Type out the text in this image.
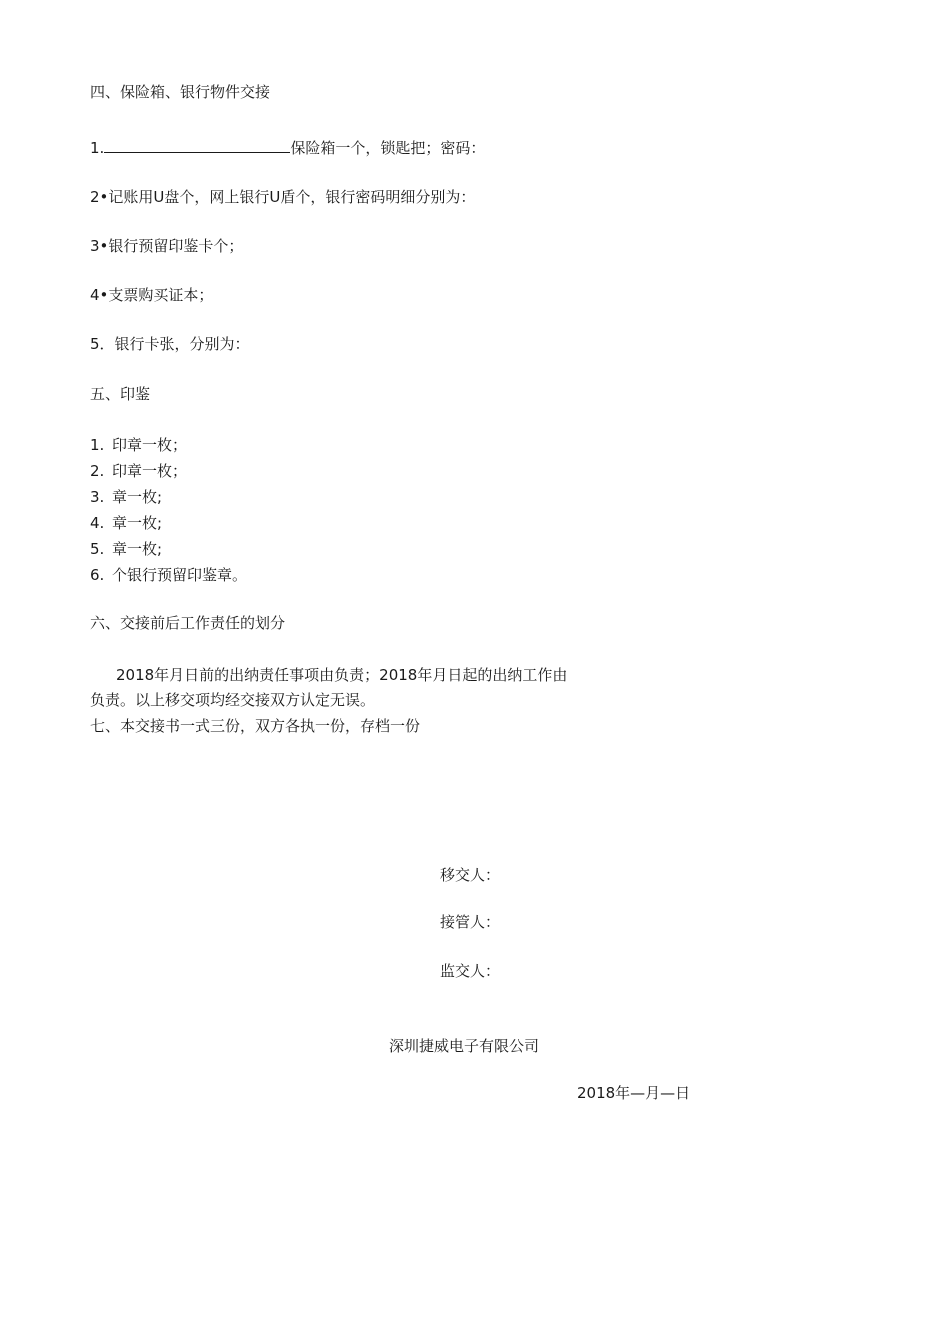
四、保险箱、银行物件交接
1.	保险箱一个，锁匙把；密码：
2•记账用U盘个，网上银行U盾个，银行密码明细分别为：
3•银行预留印鉴卡个；
4•支票购买证本；
5．银行卡张，分别为：
五、印鉴
1. 印章一枚；
2. 印章一枚；
3. 章一枚;
4. 章一枚;
5. 章一枚;
6. 个银行预留印鉴章。
六、交接前后工作责任的划分
2018年月日前的出纳责任事项由负责；2018年月日起的出纳工作由
负责。以上移交项均经交接双方认定无误。
七、本交接书一式三份，双方各执一份，存档一份
移交人：
接管人：
监交人：
深圳捷威电子有限公司
2018年—月—日
